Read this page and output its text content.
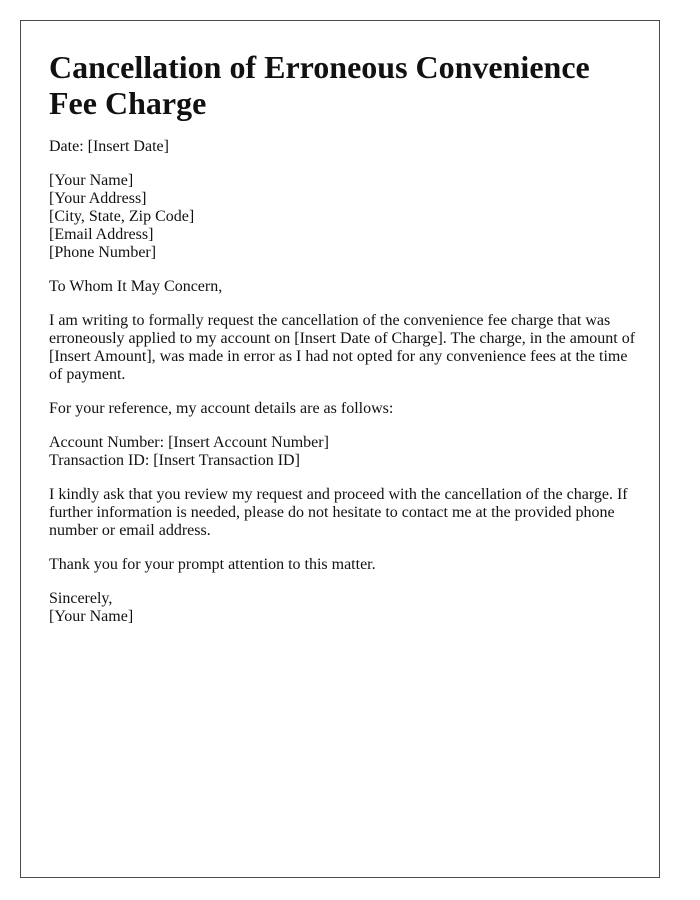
Cancellation of Erroneous Convenience Fee Charge

Date: [Insert Date]

[Your Name]

[Your Address]

[City, State, Zip Code]

[Email Address]

[Phone Number]

To Whom It May Concern,

I am writing to formally request the cancellation of the convenience fee charge that was erroneously applied to my account on [Insert Date of Charge]. The charge, in the amount of [Insert Amount], was made in error as I had not opted for any convenience fees at the time of payment.

For your reference, my account details are as follows:

Account Number: [Insert Account Number]

Transaction ID: [Insert Transaction ID]

I kindly ask that you review my request and proceed with the cancellation of the charge. If further information is needed, please do not hesitate to contact me at the provided phone number or email address.

Thank you for your prompt attention to this matter.

Sincerely,

[Your Name]
